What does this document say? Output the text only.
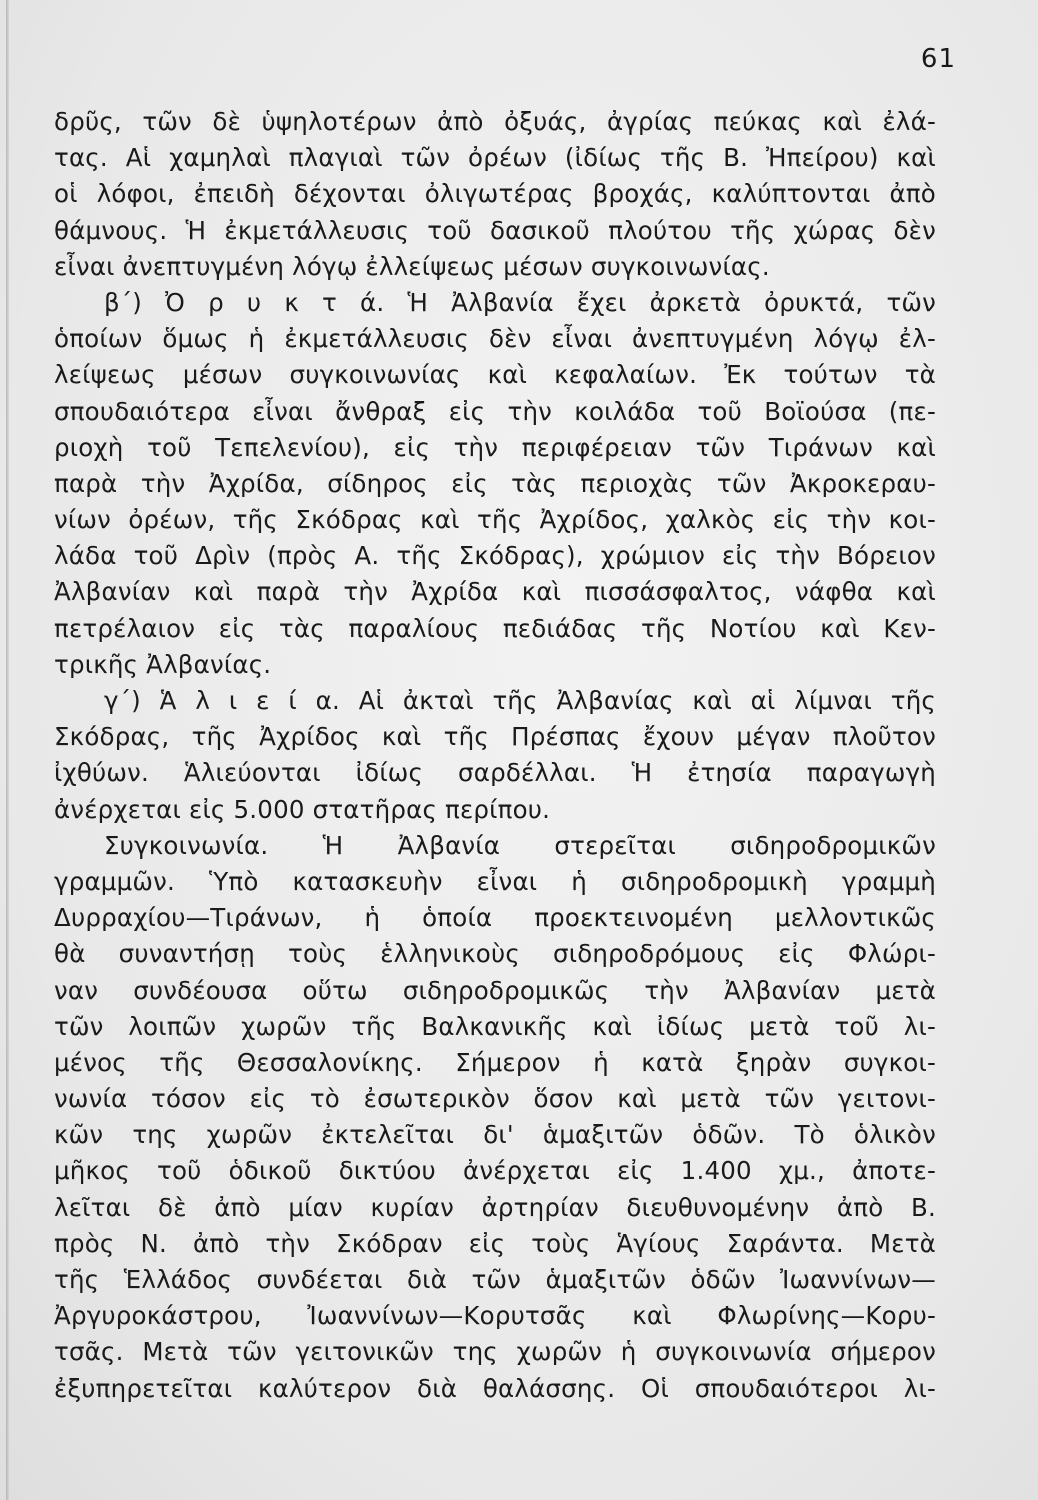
61
δρῦς, τῶν δὲ ὑψηλοτέρων ἀπὸ ὀξυάς, ἀγρίας πεύκας καὶ ἐλά-
τας. Αἱ χαμηλαὶ πλαγιαὶ τῶν ὀρέων (ἰδίως τῆς Β. Ἠπείρου) καὶ
οἱ λόφοι, ἐπειδὴ δέχονται ὀλιγωτέρας βροχάς, καλύπτονται ἀπὸ
θάμνους. Ἡ ἐκμετάλλευσις τοῦ δασικοῦ πλούτου τῆς χώρας δὲν
εἶναι ἀνεπτυγμένη λόγῳ ἐλλείψεως μέσων συγκοινωνίας.
β΄) Ὀ ρ υ κ τ ά. Ἡ Ἀλβανία ἔχει ἀρκετὰ ὀρυκτά, τῶν
ὁποίων ὅμως ἡ ἐκμετάλλευσις δὲν εἶναι ἀνεπτυγμένη λόγῳ ἐλ-
λείψεως μέσων συγκοινωνίας καὶ κεφαλαίων. Ἐκ τούτων τὰ
σπουδαιότερα εἶναι ἄνθραξ εἰς τὴν κοιλάδα τοῦ Βοϊούσα (πε-
ριοχὴ τοῦ Τεπελενίου), εἰς τὴν περιφέρειαν τῶν Τιράνων καὶ
παρὰ τὴν Ἀχρίδα, σίδηρος εἰς τὰς περιοχὰς τῶν Ἀκροκεραυ-
νίων ὀρέων, τῆς Σκόδρας καὶ τῆς Ἀχρίδος, χαλκὸς εἰς τὴν κοι-
λάδα τοῦ Δρὶν (πρὸς Α. τῆς Σκόδρας), χρώμιον εἰς τὴν Βόρειον
Ἀλβανίαν καὶ παρὰ τὴν Ἀχρίδα καὶ πισσάσφαλτος, νάφθα καὶ
πετρέλαιον εἰς τὰς παραλίους πεδιάδας τῆς Νοτίου καὶ Κεν-
τρικῆς Ἀλβανίας.
γ΄) Ἁ λ ι ε ί α. Αἱ ἀκταὶ τῆς Ἀλβανίας καὶ αἱ λίμναι τῆς
Σκόδρας, τῆς Ἀχρίδος καὶ τῆς Πρέσπας ἔχουν μέγαν πλοῦτον
ἰχθύων. Ἁλιεύονται ἰδίως σαρδέλλαι. Ἡ ἐτησία παραγωγὴ
ἀνέρχεται εἰς 5.000 στατῆρας περίπου.
Συγκοινωνία. Ἡ Ἀλβανία στερεῖται σιδηροδρομικῶν
γραμμῶν. Ὑπὸ κατασκευὴν εἶναι ἡ σιδηροδρομικὴ γραμμὴ
Δυρραχίου—Τιράνων, ἡ ὁποία προεκτεινομένη μελλοντικῶς
θὰ συναντήσῃ τοὺς ἑλληνικοὺς σιδηροδρόμους εἰς Φλώρι-
ναν συνδέουσα οὕτω σιδηροδρομικῶς τὴν Ἀλβανίαν μετὰ
τῶν λοιπῶν χωρῶν τῆς Βαλκανικῆς καὶ ἰδίως μετὰ τοῦ λι-
μένος τῆς Θεσσαλονίκης. Σήμερον ἡ κατὰ ξηρὰν συγκοι-
νωνία τόσον εἰς τὸ ἐσωτερικὸν ὅσον καὶ μετὰ τῶν γειτονι-
κῶν της χωρῶν ἐκτελεῖται δι' ἁμαξιτῶν ὁδῶν. Τὸ ὁλικὸν
μῆκος τοῦ ὁδικοῦ δικτύου ἀνέρχεται εἰς 1.400 χμ., ἀποτε-
λεῖται δὲ ἀπὸ μίαν κυρίαν ἀρτηρίαν διευθυνομένην ἀπὸ Β.
πρὸς Ν. ἀπὸ τὴν Σκόδραν εἰς τοὺς Ἁγίους Σαράντα. Μετὰ
τῆς Ἑλλάδος συνδέεται διὰ τῶν ἁμαξιτῶν ὁδῶν Ἰωαννίνων—
Ἀργυροκάστρου, Ἰωαννίνων—Κορυτσᾶς καὶ Φλωρίνης—Κορυ-
τσᾶς. Μετὰ τῶν γειτονικῶν της χωρῶν ἡ συγκοινωνία σήμερον
ἐξυπηρετεῖται καλύτερον διὰ θαλάσσης. Οἱ σπουδαιότεροι λι-
